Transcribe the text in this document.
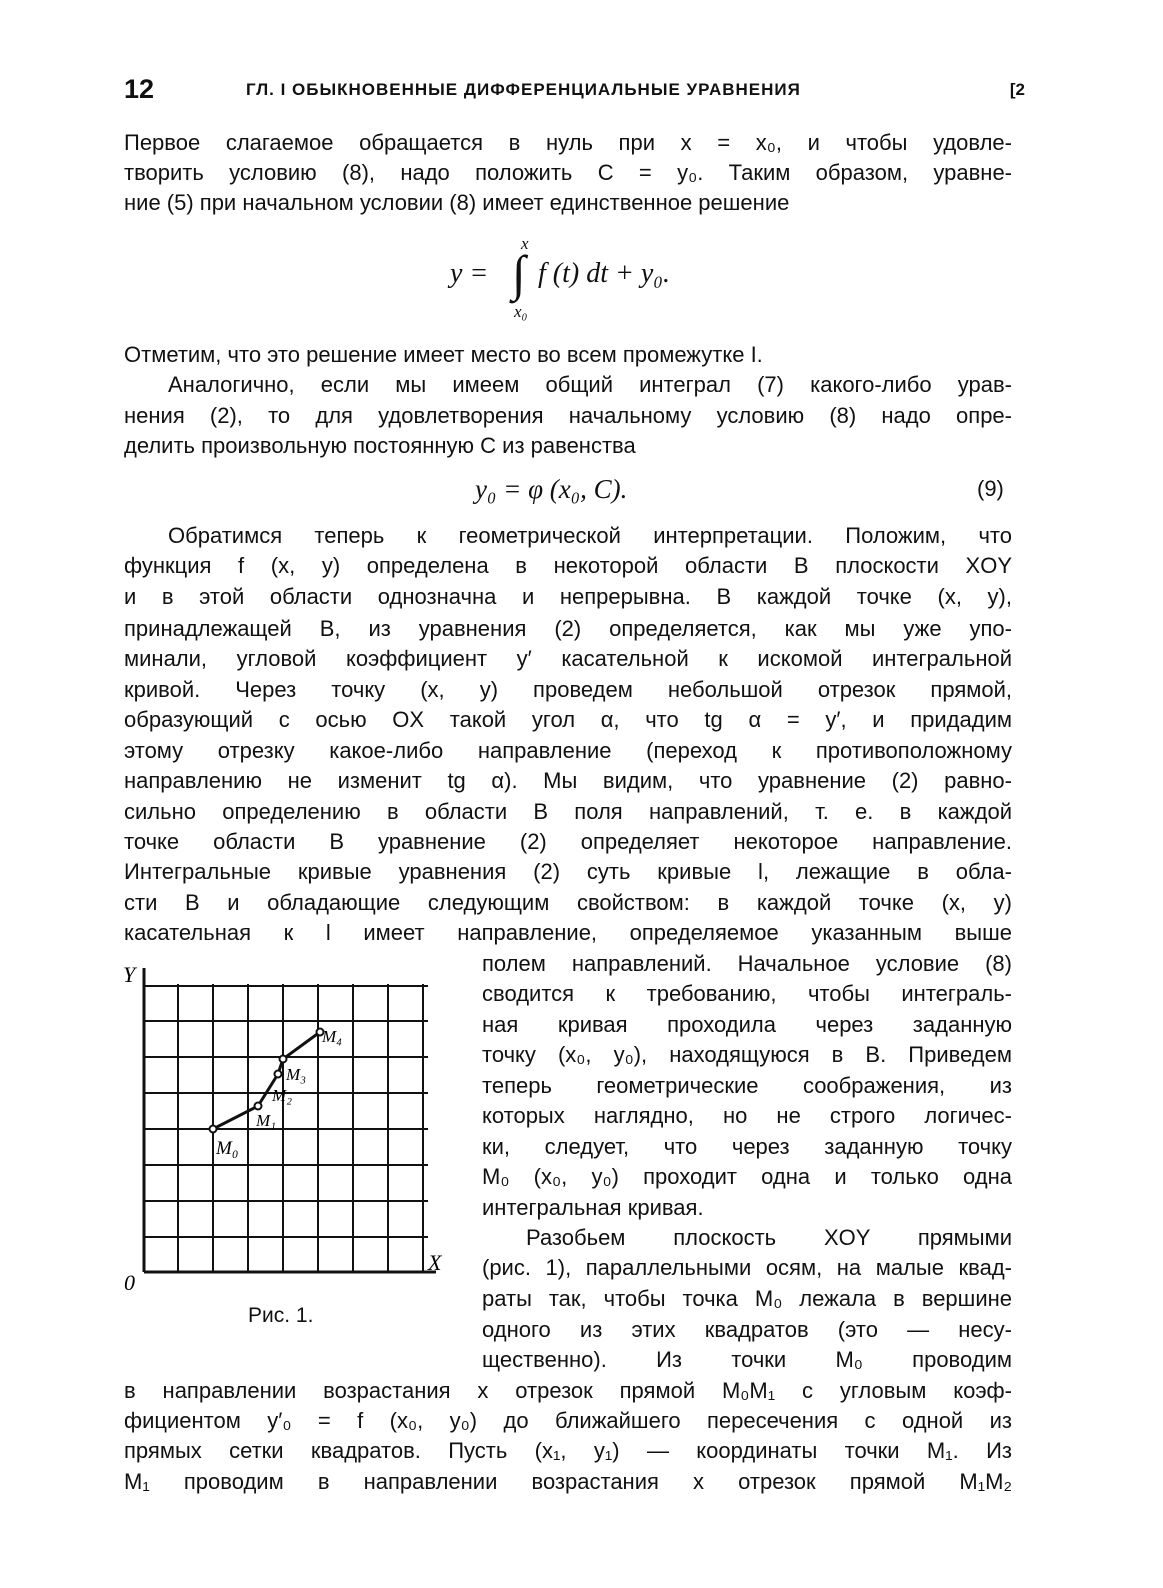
12	ГЛ. I ОБЫКНОВЕННЫЕ ДИФФЕРЕНЦИАЛЬНЫЕ УРАВНЕНИЯ	[2
Первое слагаемое обращается в нуль при x = x₀, и чтобы удовле-
творить условию (8), надо положить C = y₀. Таким образом, уравне-
ние (5) при начальном условии (8) имеет единственное решение
y =
x
∫ f (t) dt + y₀.
x₀
Отметим, что это решение имеет место во всем промежутке I.
Аналогично, если мы имеем общий интеграл (7) какого-либо урав-
нения (2), то для удовлетворения начальному условию (8) надо опре-
делить произвольную постоянную C из равенства
y₀ = φ (x₀, C).	(9)
Обратимся теперь к геометрической интерпретации. Положим, что
функция f (x, y) определена в некоторой области B плоскости XOY
и в этой области однозначна и непрерывна. В каждой точке (x, y),
принадлежащей B, из уравнения (2) определяется, как мы уже упо-
минали, угловой коэффициент y′ касательной к искомой интегральной
кривой. Через точку (x, y) проведем небольшой отрезок прямой,
образующий с осью OX такой угол α, что tg α = y′, и придадим
этому отрезку какое-либо направление (переход к противоположному
направлению не изменит tg α). Мы видим, что уравнение (2) равно-
сильно определению в области B поля направлений, т. е. в каждой
точке области B уравнение (2) определяет некоторое направление.
Интегральные кривые уравнения (2) суть кривые l, лежащие в обла-
сти B и обладающие следующим свойством: в каждой точке (x, y)
касательная к l имеет направление, определяемое указанным выше
полем направлений. Начальное условие (8)
сводится к требованию, чтобы интеграль-
ная кривая проходила через заданную
точку (x₀, y₀), находящуюся в B. Приведем
теперь геометрические соображения, из
которых наглядно, но не строго логичес-
ки, следует, что через заданную точку
M₀ (x₀, y₀) проходит одна и только одна
интегральная кривая.
Разобьем плоскость XOY прямыми
(рис. 1), параллельными осям, на малые квад-
раты так, чтобы точка M₀ лежала в вершине
одного из этих квадратов (это — несу-
щественно). Из точки M₀ проводим
в направлении возрастания x отрезок прямой M₀M₁ с угловым коэф-
фициентом y′₀ = f (x₀, y₀) до ближайшего пересечения с одной из
прямых сетки квадратов. Пусть (x₁, y₁) — координаты точки M₁. Из
M₁ проводим в направлении возрастания x отрезок прямой M₁M₂
Y
X
0
M₀
M₁
M₂
M₃
M₄
Рис. 1.
